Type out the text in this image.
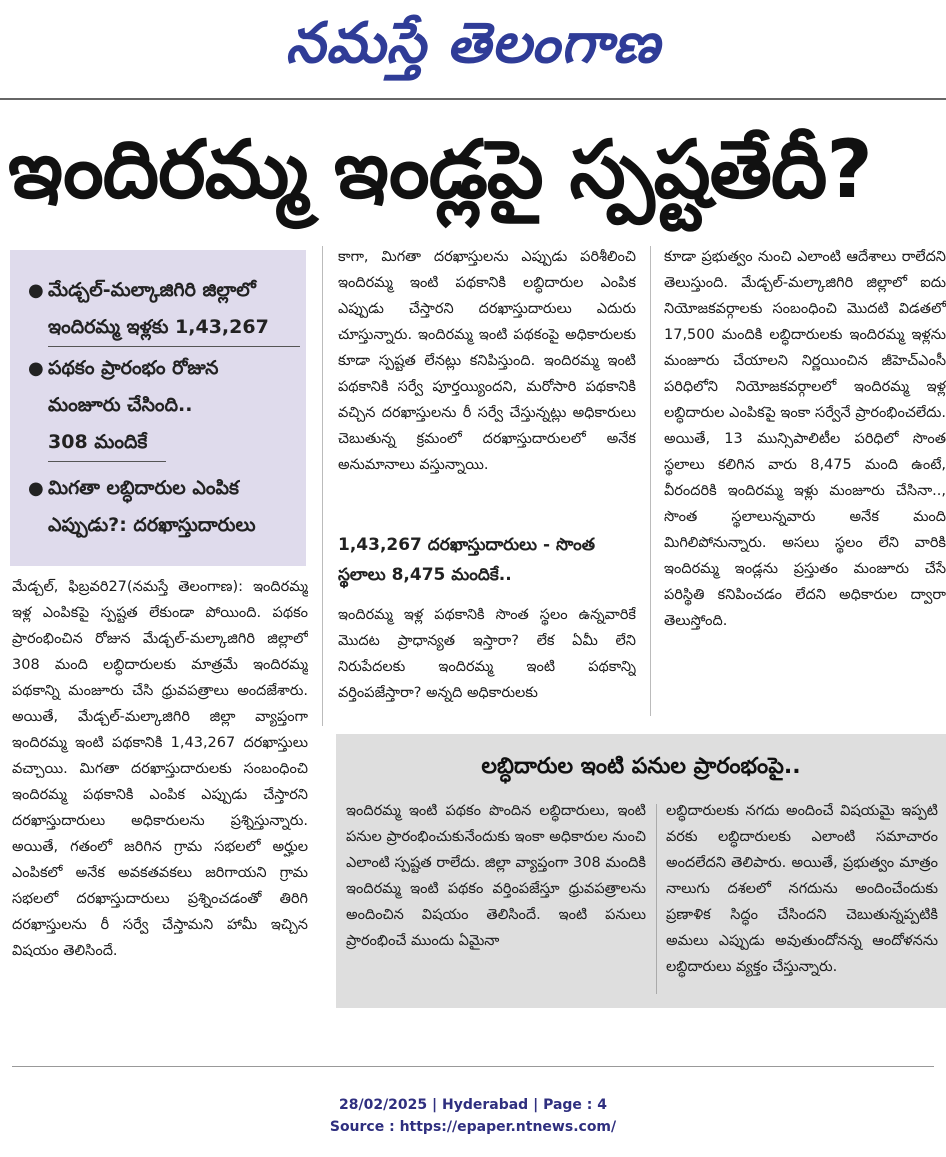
నమస్తే తెలంగాణ
ఇందిరమ్మ ఇండ్లపై స్పష్టతేదీ?
● మేడ్చల్-మల్కాజిగిరి జిల్లాలో
ఇందిరమ్మ ఇళ్లకు 1,43,267
● పథకం ప్రారంభం రోజున
మంజూరు చేసింది..
308 మందికే
● మిగతా లబ్ధిదారుల ఎంపిక
ఎప్పుడు?: దరఖాస్తుదారులు
మేడ్చల్, ఫిబ్రవరి27(నమస్తే తెలంగాణ): ఇందిరమ్మ ఇళ్ల ఎంపికపై స్పష్టత లేకుండా పోయింది. పథకం ప్రారంభించిన రోజున మేడ్చల్-మల్కాజిగిరి జిల్లాలో 308 మంది లబ్ధిదారులకు మాత్రమే ఇందిరమ్మ పథకాన్ని మంజూరు చేసి ధ్రువపత్రాలు అందజేశారు. అయితే, మేడ్చల్-మల్కాజిగిరి జిల్లా వ్యాప్తంగా ఇందిరమ్మ ఇంటి పథకానికి 1,43,267 దరఖాస్తులు వచ్చాయి. మిగతా దరఖాస్తుదారులకు సంబంధించి ఇందిరమ్మ పథకానికి ఎంపిక ఎప్పుడు చేస్తారని దరఖాస్తుదారులు అధికారులను ప్రశ్నిస్తున్నారు. అయితే, గతంలో జరిగిన గ్రామ సభలలో అర్హుల ఎంపికలో అనేక అవకతవకలు జరిగాయని గ్రామ సభలలో దరఖాస్తుదారులు ప్రశ్నించడంతో తిరిగి దరఖాస్తులను రీ సర్వే చేస్తామని హామీ ఇచ్చిన విషయం తెలిసిందే.
కాగా, మిగతా దరఖాస్తులను ఎప్పుడు పరిశీలించి ఇందిరమ్మ ఇంటి పథకానికి లబ్ధిదారుల ఎంపిక ఎప్పుడు చేస్తారని దరఖాస్తుదారులు ఎదురు చూస్తున్నారు. ఇందిరమ్మ ఇంటి పథకంపై అధికారులకు కూడా స్పష్టత లేనట్లు కనిపిస్తుంది. ఇందిరమ్మ ఇంటి పథకానికి సర్వే పూర్తయ్యిందని, మరోసారి పథకానికి వచ్చిన దరఖాస్తులను రీ సర్వే చేస్తున్నట్లు అధికారులు చెబుతున్న క్రమంలో దరఖాస్తుదారులలో అనేక అనుమానాలు వస్తున్నాయి.
1,43,267 దరఖాస్తుదారులు - సొంత స్థలాలు 8,475 మందికే..
ఇందిరమ్మ ఇళ్ల పథకానికి సొంత స్థలం ఉన్నవారికే మొదట ప్రాధాన్యత ఇస్తారా? లేక ఏమీ లేని నిరుపేదలకు ఇందిరమ్మ ఇంటి పథకాన్ని వర్తింపజేస్తారా? అన్నది అధికారులకు
కూడా ప్రభుత్వం నుంచి ఎలాంటి ఆదేశాలు రాలేదని తెలుస్తుంది. మేడ్చల్-మల్కాజిగిరి జిల్లాలో ఐదు నియోజకవర్గాలకు సంబంధించి మొదటి విడతలో 17,500 మందికి లబ్ధిదారులకు ఇందిరమ్మ ఇళ్లను మంజూరు చేయాలని నిర్ణయించిన జీహెచ్ఎంసీ పరిధిలోని నియోజకవర్గాలలో ఇందిరమ్మ ఇళ్ల లబ్ధిదారుల ఎంపికపై ఇంకా సర్వేనే ప్రారంభించలేదు. అయితే, 13 మున్సిపాలిటీల పరిధిలో సొంత స్థలాలు కలిగిన వారు 8,475 మంది ఉంటే, వీరందరికి ఇందిరమ్మ ఇళ్లు మంజూరు చేసినా.., సొంత స్థలాలున్నవారు అనేక మంది మిగిలిపోనున్నారు. అసలు స్థలం లేని వారికి ఇందిరమ్మ ఇండ్లను ప్రస్తుతం మంజూరు చేసే పరిస్థితి కనిపించడం లేదని అధికారుల ద్వారా తెలుస్తోంది.
లబ్ధిదారుల ఇంటి పనుల ప్రారంభంపై..
ఇందిరమ్మ ఇంటి పథకం పొందిన లబ్ధిదారులు, ఇంటి పనుల ప్రారంభించుకునేందుకు ఇంకా అధికారుల నుంచి ఎలాంటి స్పష్టత రాలేదు. జిల్లా వ్యాప్తంగా 308 మందికి ఇందిరమ్మ ఇంటి పథకం వర్తింపజేస్తూ ధ్రువపత్రాలను అందించిన విషయం తెలిసిందే. ఇంటి పనులు ప్రారంభించే ముందు ఏమైనా
లబ్ధిదారులకు నగదు అందించే విషయమై ఇప్పటి వరకు లబ్ధిదారులకు ఎలాంటి సమాచారం అందలేదని తెలిపారు. అయితే, ప్రభుత్వం మాత్రం నాలుగు దశలలో నగదును అందించేందుకు ప్రణాళిక సిద్ధం చేసిందని చెబుతున్నప్పటికి అమలు ఎప్పుడు అవుతుందోనన్న ఆందోళనను లబ్ధిదారులు వ్యక్తం చేస్తున్నారు.
28/02/2025 | Hyderabad | Page : 4
Source : https://epaper.ntnews.com/
